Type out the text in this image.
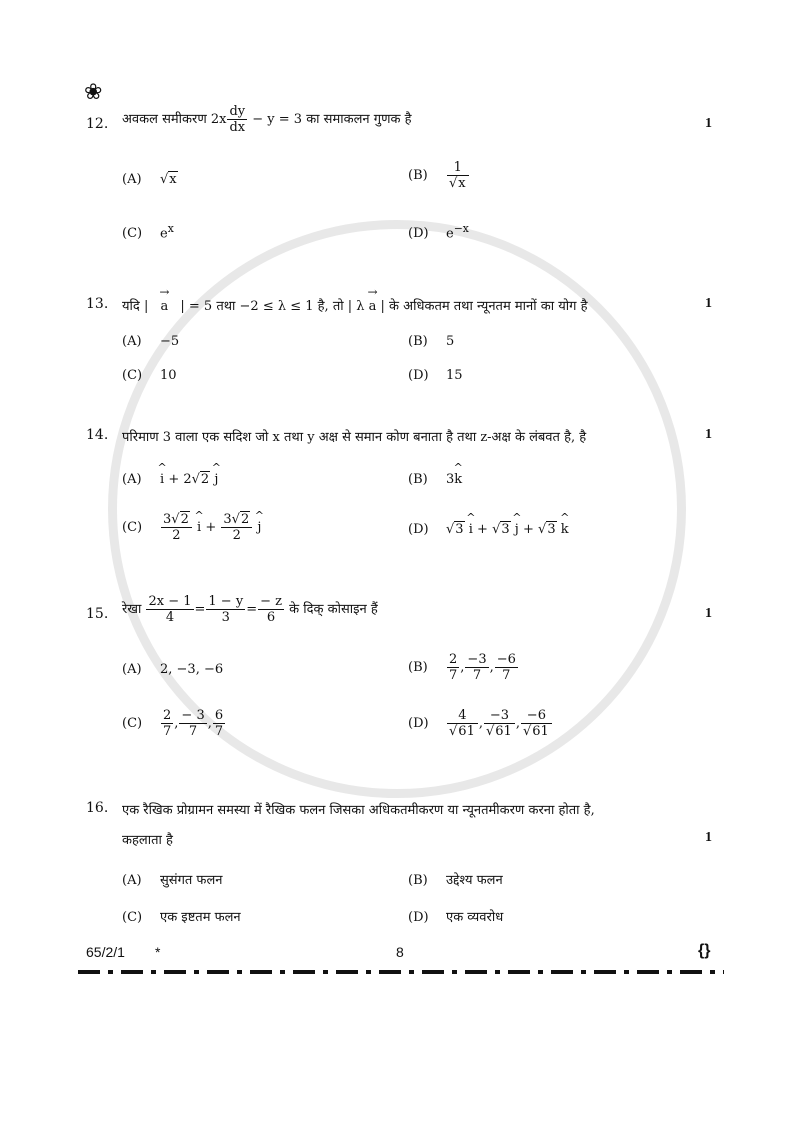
❀
12. अवकल समीकरण $2x \frac{dy}{dx} - y = 3$ का समाकलन गुणक है	1
(A) √x	$(B) \frac{1}{√x}$
(C) $e^x$	(D) $e^{-x}$
13. यदि | → a | = 5 तथा −2 ≤ λ ≤ 1 है, तो | λ → a | के अधिकतम तथा न्यूनतम मानों का योग है	1
(A) −5	(B) 5
(C) 10	(D) 15
14. परिमाण 3 वाला एक सदिश जो x तथा y अक्ष से समान कोण बनाता है तथा z-अक्ष के लंबवत है, है	1
(A) ^ i + 2√2 ^ j	(B) 3^ k
$(C) \frac{3√2}{2}$ ^ $i + \frac{3√2}{2}$ ^ j	(D) √3 ^ i + √3 ^ j + √3 ^ k
15. रेखा $\frac{2x - 1}{4} = \frac{1 - y}{3} = \frac{- z}{6}$ के दिक् कोसाइन हैं	1
(A) 2, −3, −6	$(B) \frac{2}{7}$ , $\frac{-3}{7}$ , $\frac{-6}{7}$
$(C) \frac{2}{7}$ , $\frac{- 3}{7}$ , $\frac{6}{7}$	$(D) \frac{4}{√61}$ , $\frac{-3}{√61}$ , $\frac{-6}{√61}$
16. एक रैखिक प्रोग्रामन समस्या में रैखिक फलन जिसका अधिकतमीकरण या न्यूनतमीकरण करना होता है,
कहलाता है	1
(A) सुसंगत फलन	(B) उद्देश्य फलन
(C) एक इष्टतम फलन	(D) एक व्यवरोध
65/2/1 *	8	{}
